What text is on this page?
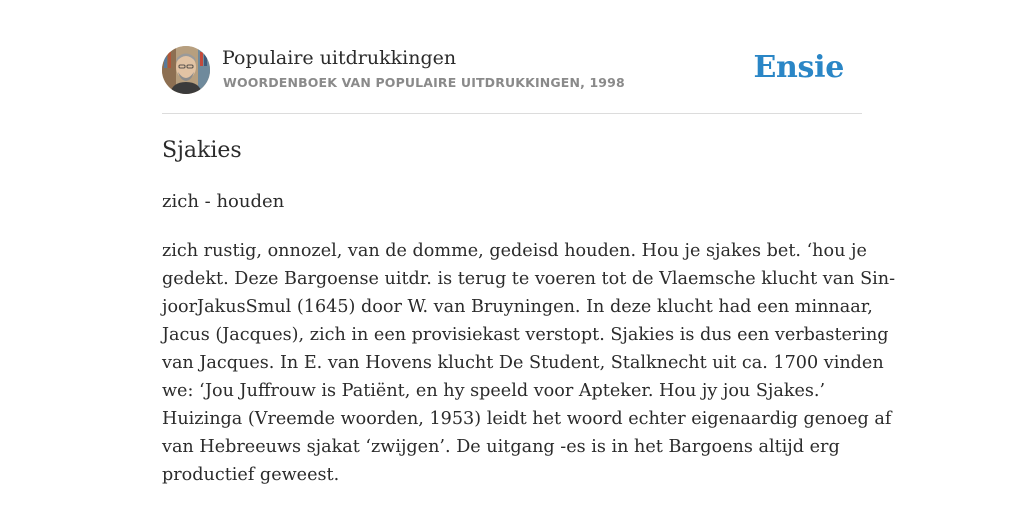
Populaire uitdrukkingen
WOORDENBOEK VAN POPULAIRE UITDRUKKINGEN, 1998	Ensie
Sjakies
zich - houden
zich rustig, onnozel, van de domme, gedeisd houden. Hou je sjakes bet. ‘hou je
gedekt. Deze Bargoense uitdr. is terug te voeren tot de Vlaemsche klucht van Sin-
joorJakusSmul (1645) door W. van Bruyningen. In deze klucht had een minnaar,
Jacus (Jacques), zich in een provisiekast verstopt. Sjakies is dus een verbastering
van Jacques. In E. van Hovens klucht De Student, Stalknecht uit ca. 1700 vinden
we: ‘Jou Juffrouw is Patiënt, en hy speeld voor Apteker. Hou jy jou Sjakes.’
Huizinga (Vreemde woorden, 1953) leidt het woord echter eigenaardig genoeg af
van Hebreeuws sjakat ‘zwijgen’. De uitgang -es is in het Bargoens altijd erg
productief geweest.
